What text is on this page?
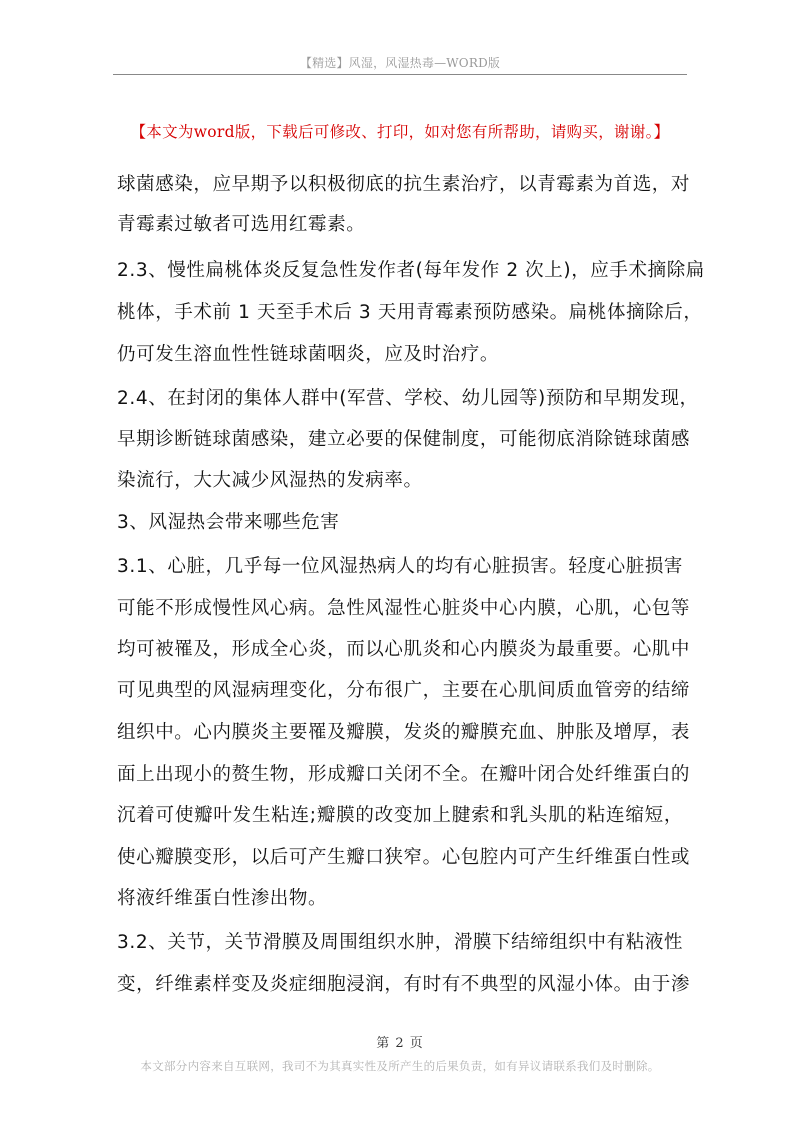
【精选】风湿，风湿热毒—WORD版
【本文为word版，下载后可修改、打印，如对您有所帮助，请购买，谢谢。】
球菌感染，应早期予以积极彻底的抗生素治疗，以青霉素为首选，对
青霉素过敏者可选用红霉素。
2.3、慢性扁桃体炎反复急性发作者(每年发作 2 次上)，应手术摘除扁
桃体，手术前 1 天至手术后 3 天用青霉素预防感染。扁桃体摘除后，
仍可发生溶血性性链球菌咽炎，应及时治疗。
2.4、在封闭的集体人群中(军营、学校、幼儿园等)预防和早期发现，
早期诊断链球菌感染，建立必要的保健制度，可能彻底消除链球菌感
染流行，大大减少风湿热的发病率。
3、风湿热会带来哪些危害
3.1、心脏，几乎每一位风湿热病人的均有心脏损害。轻度心脏损害
可能不形成慢性风心病。急性风湿性心脏炎中心内膜，心肌，心包等
均可被罹及，形成全心炎，而以心肌炎和心内膜炎为最重要。心肌中
可见典型的风湿病理变化，分布很广，主要在心肌间质血管旁的结缔
组织中。心内膜炎主要罹及瓣膜，发炎的瓣膜充血、肿胀及增厚，表
面上出现小的赘生物，形成瓣口关闭不全。在瓣叶闭合处纤维蛋白的
沉着可使瓣叶发生粘连;瓣膜的改变加上腱索和乳头肌的粘连缩短，
使心瓣膜变形，以后可产生瓣口狭窄。心包腔内可产生纤维蛋白性或
将液纤维蛋白性渗出物。
3.2、关节，关节滑膜及周围组织水肿，滑膜下结缔组织中有粘液性
变，纤维素样变及炎症细胞浸润，有时有不典型的风湿小体。由于渗
第 2 页
本文部分内容来自互联网，我司不为其真实性及所产生的后果负责，如有异议请联系我们及时删除。
